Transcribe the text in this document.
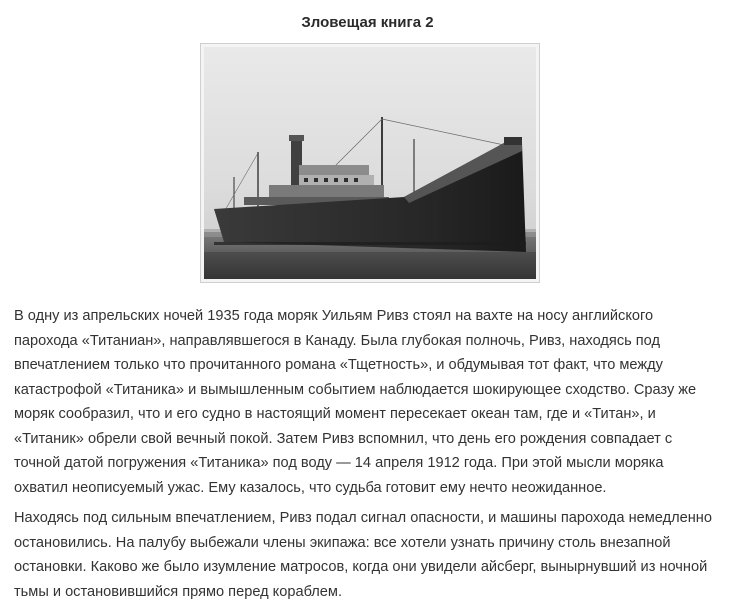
Зловещая книга 2
В одну из апрельских ночей 1935 года моряк Уильям Ривз стоял на вахте на носу английского
парохода «Титаниан», направлявшегося в Канаду. Была глубокая полночь, Ривз, находясь под
впечатлением только что прочитанного романа «Тщетность», и обдумывая тот факт, что между
катастрофой «Титаника» и вымышленным событием наблюдается шокирующее сходство. Сразу же
моряк сообразил, что и его судно в настоящий момент пересекает океан там, где и «Титан», и
«Титаник» обрели свой вечный покой. Затем Ривз вспомнил, что день его рождения совпадает с
точной датой погружения «Титаника» под воду — 14 апреля 1912 года. При этой мысли моряка
охватил неописуемый ужас. Ему казалось, что судьба готовит ему нечто неожиданное.
Находясь под сильным впечатлением, Ривз подал сигнал опасности, и машины парохода немедленно
остановились. На палубу выбежали члены экипажа: все хотели узнать причину столь внезапной
остановки. Каково же было изумление матросов, когда они увидели айсберг, вынырнувший из ночной
тьмы и остановившийся прямо перед кораблем.
